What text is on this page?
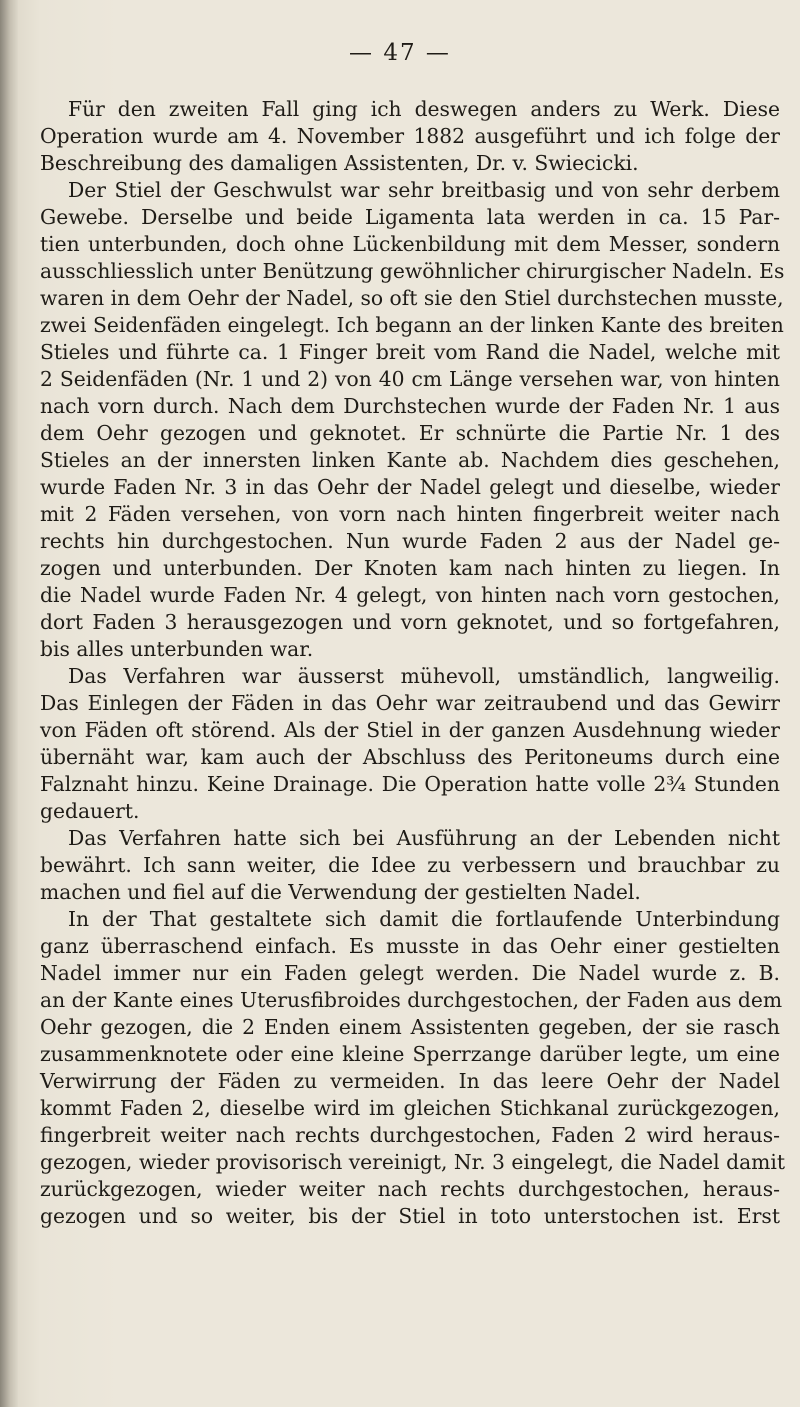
— 47 —
Für den zweiten Fall ging ich deswegen anders zu Werk. Diese
Operation wurde am 4. November 1882 ausgeführt und ich folge der
Beschreibung des damaligen Assistenten, Dr. v. Swiecicki.
Der Stiel der Geschwulst war sehr breitbasig und von sehr derbem
Gewebe. Derselbe und beide Ligamenta lata werden in ca. 15 Par-
tien unterbunden, doch ohne Lückenbildung mit dem Messer, sondern
ausschliesslich unter Benützung gewöhnlicher chirurgischer Nadeln. Es
waren in dem Oehr der Nadel, so oft sie den Stiel durchstechen musste,
zwei Seidenfäden eingelegt. Ich begann an der linken Kante des breiten
Stieles und führte ca. 1 Finger breit vom Rand die Nadel, welche mit
2 Seidenfäden (Nr. 1 und 2) von 40 cm Länge versehen war, von hinten
nach vorn durch. Nach dem Durchstechen wurde der Faden Nr. 1 aus
dem Oehr gezogen und geknotet. Er schnürte die Partie Nr. 1 des
Stieles an der innersten linken Kante ab. Nachdem dies geschehen,
wurde Faden Nr. 3 in das Oehr der Nadel gelegt und dieselbe, wieder
mit 2 Fäden versehen, von vorn nach hinten fingerbreit weiter nach
rechts hin durchgestochen. Nun wurde Faden 2 aus der Nadel ge-
zogen und unterbunden. Der Knoten kam nach hinten zu liegen. In
die Nadel wurde Faden Nr. 4 gelegt, von hinten nach vorn gestochen,
dort Faden 3 herausgezogen und vorn geknotet, und so fortgefahren,
bis alles unterbunden war.
Das Verfahren war äusserst mühevoll, umständlich, langweilig.
Das Einlegen der Fäden in das Oehr war zeitraubend und das Gewirr
von Fäden oft störend. Als der Stiel in der ganzen Ausdehnung wieder
übernäht war, kam auch der Abschluss des Peritoneums durch eine
Falznaht hinzu. Keine Drainage. Die Operation hatte volle 2¾ Stunden
gedauert.
Das Verfahren hatte sich bei Ausführung an der Lebenden nicht
bewährt. Ich sann weiter, die Idee zu verbessern und brauchbar zu
machen und fiel auf die Verwendung der gestielten Nadel.
In der That gestaltete sich damit die fortlaufende Unterbindung
ganz überraschend einfach. Es musste in das Oehr einer gestielten
Nadel immer nur ein Faden gelegt werden. Die Nadel wurde z. B.
an der Kante eines Uterusfibroides durchgestochen, der Faden aus dem
Oehr gezogen, die 2 Enden einem Assistenten gegeben, der sie rasch
zusammenknotete oder eine kleine Sperrzange darüber legte, um eine
Verwirrung der Fäden zu vermeiden. In das leere Oehr der Nadel
kommt Faden 2, dieselbe wird im gleichen Stichkanal zurückgezogen,
fingerbreit weiter nach rechts durchgestochen, Faden 2 wird heraus-
gezogen, wieder provisorisch vereinigt, Nr. 3 eingelegt, die Nadel damit
zurückgezogen, wieder weiter nach rechts durchgestochen, heraus-
gezogen und so weiter, bis der Stiel in toto unterstochen ist. Erst
